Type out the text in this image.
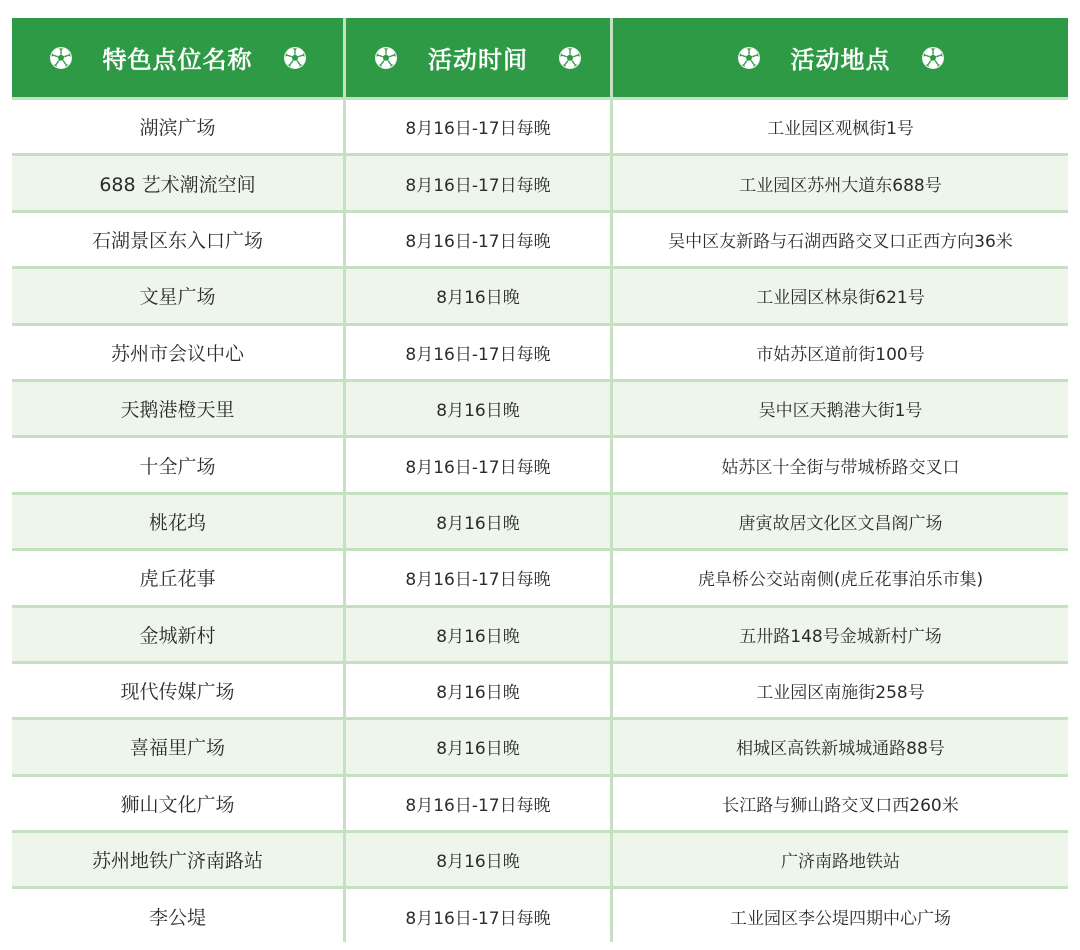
特色点位名称	活动时间	活动地点
湖滨广场	8月16日-17日每晚	工业园区观枫街1号
688 艺术潮流空间	8月16日-17日每晚	工业园区苏州大道东688号
石湖景区东入口广场	8月16日-17日每晚	吴中区友新路与石湖西路交叉口正西方向36米
文星广场	8月16日晚	工业园区林泉街621号
苏州市会议中心	8月16日-17日每晚	市姑苏区道前街100号
天鹅港橙天里	8月16日晚	吴中区天鹅港大街1号
十全广场	8月16日-17日每晚	姑苏区十全街与带城桥路交叉口
桃花坞	8月16日晚	唐寅故居文化区文昌阁广场
虎丘花事	8月16日-17日每晚	虎阜桥公交站南侧(虎丘花事泊乐市集)
金城新村	8月16日晚	五卅路148号金城新村广场
现代传媒广场	8月16日晚	工业园区南施街258号
喜福里广场	8月16日晚	相城区高铁新城城通路88号
狮山文化广场	8月16日-17日每晚	长江路与狮山路交叉口西260米
苏州地铁广济南路站	8月16日晚	广济南路地铁站
李公堤	8月16日-17日每晚	工业园区李公堤四期中心广场
